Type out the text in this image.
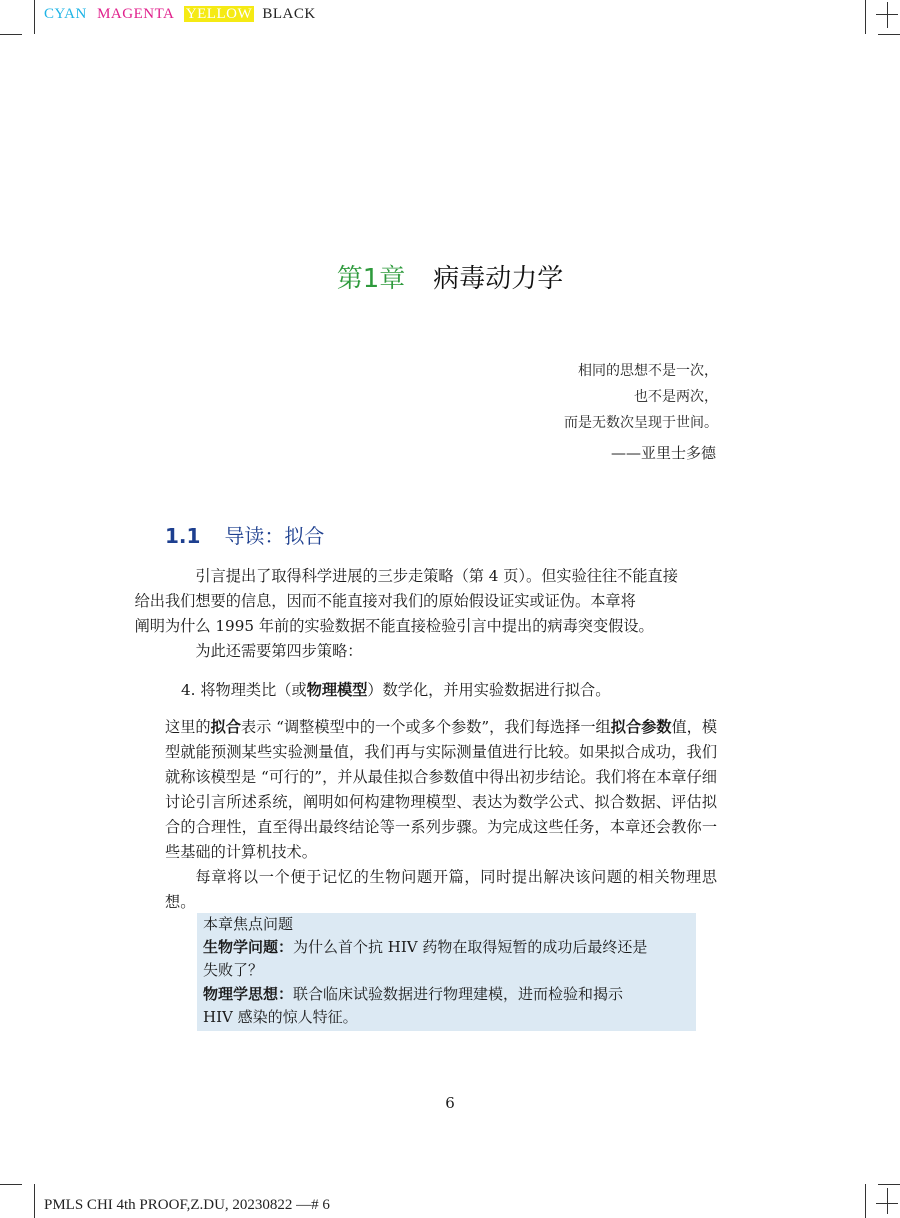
CYAN MAGENTA YELLOW BLACK
第1章 病毒动力学
相同的思想不是一次，
也不是两次，
而是无数次呈现于世间。
——亚里士多德
1.1 导读：拟合

引言提出了取得科学进展的三步走策略（第 4 页）。但实验往往不能直接
给出我们想要的信息，因而不能直接对我们的原始假设证实或证伪。本章将
阐明为什么 1995 年前的实验数据不能直接检验引言中提出的病毒突变假设。

为此还需要第四步策略：

4. 将物理类比（或物理模型）数学化，并用实验数据进行拟合。

这里的拟合表示 “调整模型中的一个或多个参数”，我们每选择一组拟合参数值，模型就能预测某些实验测量值，我们再与实际测量值进行比较。如果拟合成功，我们就称该模型是 “可行的”，并从最佳拟合参数值中得出初步结论。我们将在本章仔细讨论引言所述系统，阐明如何构建物理模型、表达为数学公式、拟合数据、评估拟合的合理性，直至得出最终结论等一系列步骤。为完成这些任务，本章还会教你一些基础的计算机技术。

每章将以一个便于记忆的生物问题开篇，同时提出解决该问题的相关物理思想。

本章焦点问题
生物学问题：为什么首个抗 HIV 药物在取得短暂的成功后最终还是
失败了？
物理学思想：联合临床试验数据进行物理建模，进而检验和揭示
HIV 感染的惊人特征。
6
PMLS CHI 4th PROOF,Z.DU, 20230822 —# 6
